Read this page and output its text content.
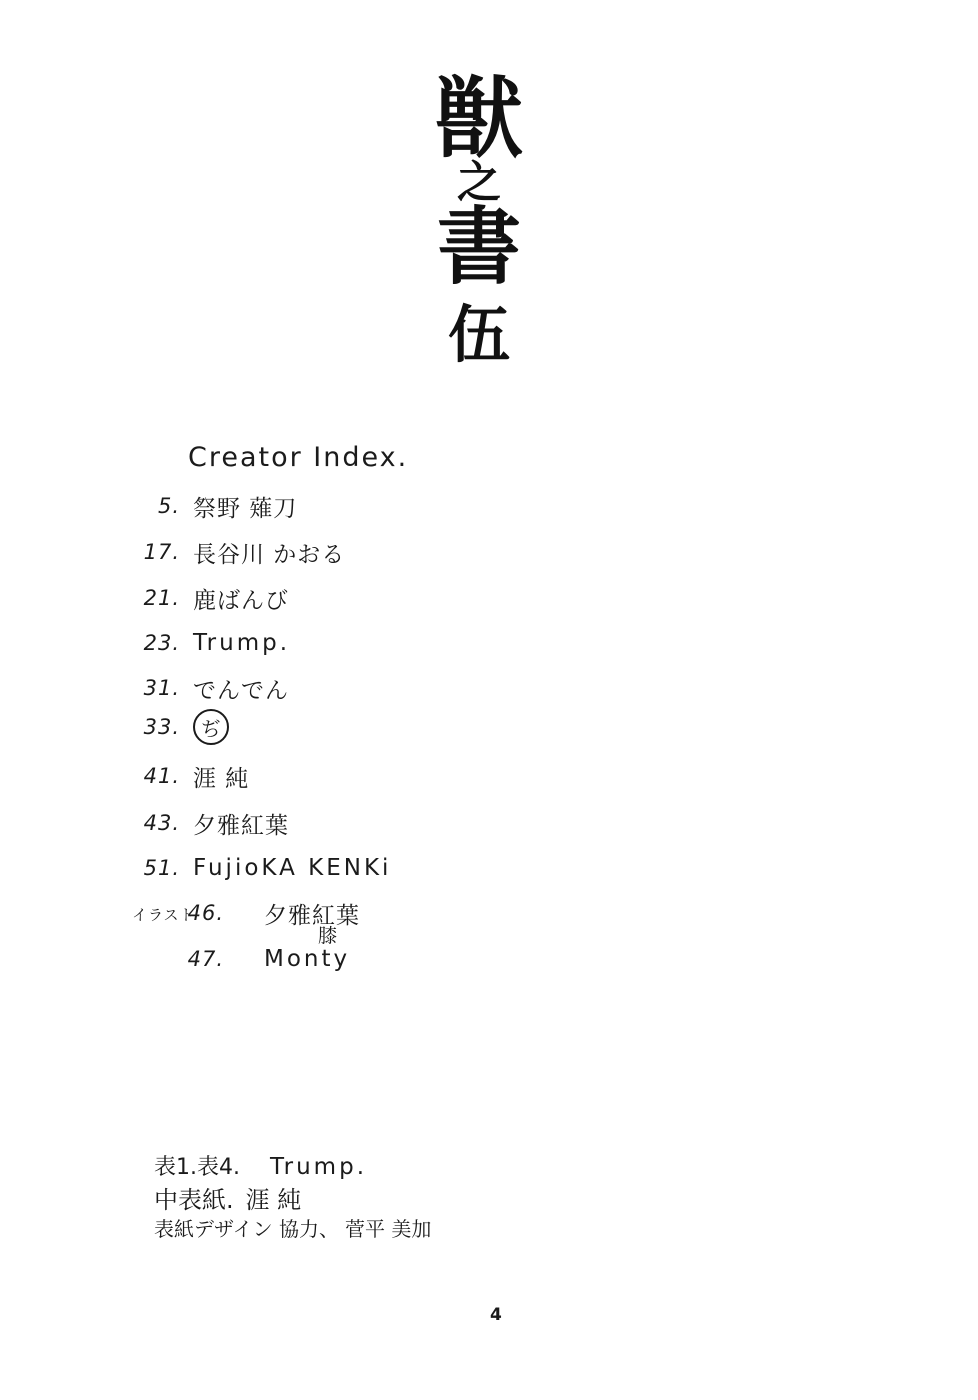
獣
之
書
伍
Creator Index.
5. 祭野 薙刀
17. 長谷川 かおる
21. 鹿ばんび
23. Trump.
31. でんでん
33.	ぢ
41. 涯 純
43. 夕雅紅葉
51. FujioKA KENKi
イラスト
46. 夕雅紅葉
膝
47. Monty
表1.表4. Trump.
中表紙. 涯 純
表紙デザイン 協力、 菅平 美加
4
